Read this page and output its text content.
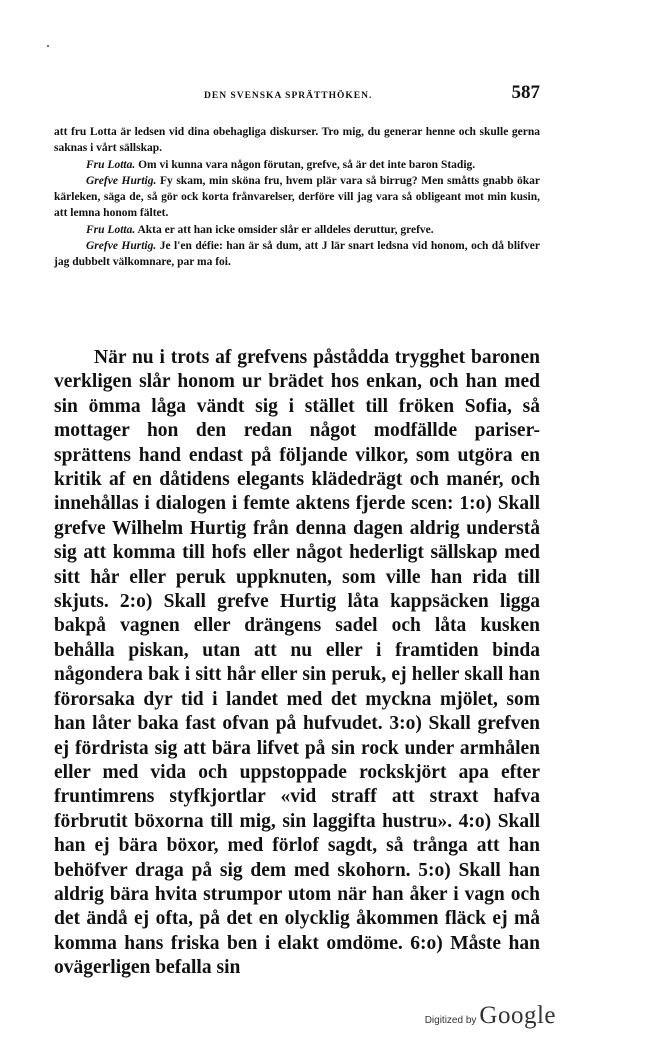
DEN SVENSKA SPRÄTTHÖKEN.	587

att fru Lotta är ledsen vid dina obehagliga diskurser. Tro mig, du generar henne och skulle gerna saknas i vårt sällskap.

Fru Lotta. Om vi kunna vara någon förutan, grefve, så är det inte baron Stadig.

Grefve Hurtig. Fy skam, min sköna fru, hvem plär vara så birrug? Men småtts gnabb ökar kärleken, säga de, så gör ock korta frånvarelser, derföre vill jag vara så obligeant mot min kusin, att lemna honom fältet.

Fru Lotta. Akta er att han icke omsider slår er alldeles deruttur, grefve.

Grefve Hurtig. Je l'en défie: han är så dum, att J lär snart ledsna vid honom, och då blifver jag dubbelt välkomnare, par ma foi.

När nu i trots af grefvens påståddа trygghet baronen verkligen slår honom ur brädet hos enkan, och han med sin ömma låga vändt sig i stället till fröken Sofia, så mottager hon den redan något modfällde pariser-sprättens hand endast på följande vilkor, som utgöra en kritik af en dåtidens elegants klädedrägt och manér, och innehållas i dialogen i femte aktens fjerde scen: 1:o) Skall grefve Wilhelm Hurtig från denna dagen aldrig understå sig att komma till hofs eller något hederligt sällskap med sitt hår eller peruk uppknuten, som ville han rida till skjuts. 2:o) Skall grefve Hurtig låta kappsäcken ligga bakpå vagnen eller drängens sadel och låta kusken behålla piskan, utan att nu eller i framtiden binda någondera bak i sitt hår eller sin peruk, ej heller skall han förorsaka dyr tid i landet med det myckna mjölet, som han låter baka fast ofvan på hufvudet. 3:o) Skall grefven ej fördrista sig att bära lifvet på sin rock under armhålen eller med vida och uppstoppade rockskjört apa efter fruntimrens styfkjortlar «vid straff att straxt hafva förbrutit böxorna till mig, sin laggifta hustru». 4:o) Skall han ej bära böxor, med förlof sagdt, så trånga att han behöfver draga på sig dem med skohorn. 5:o) Skall han aldrig bära hvita strumpor utom när han åker i vagn och det ändå ej ofta, på det en olycklig åkommen fläck ej må komma hans friska ben i elakt omdöme. 6:o) Måste han ovägerligen befalla sin

Digitized by Google
